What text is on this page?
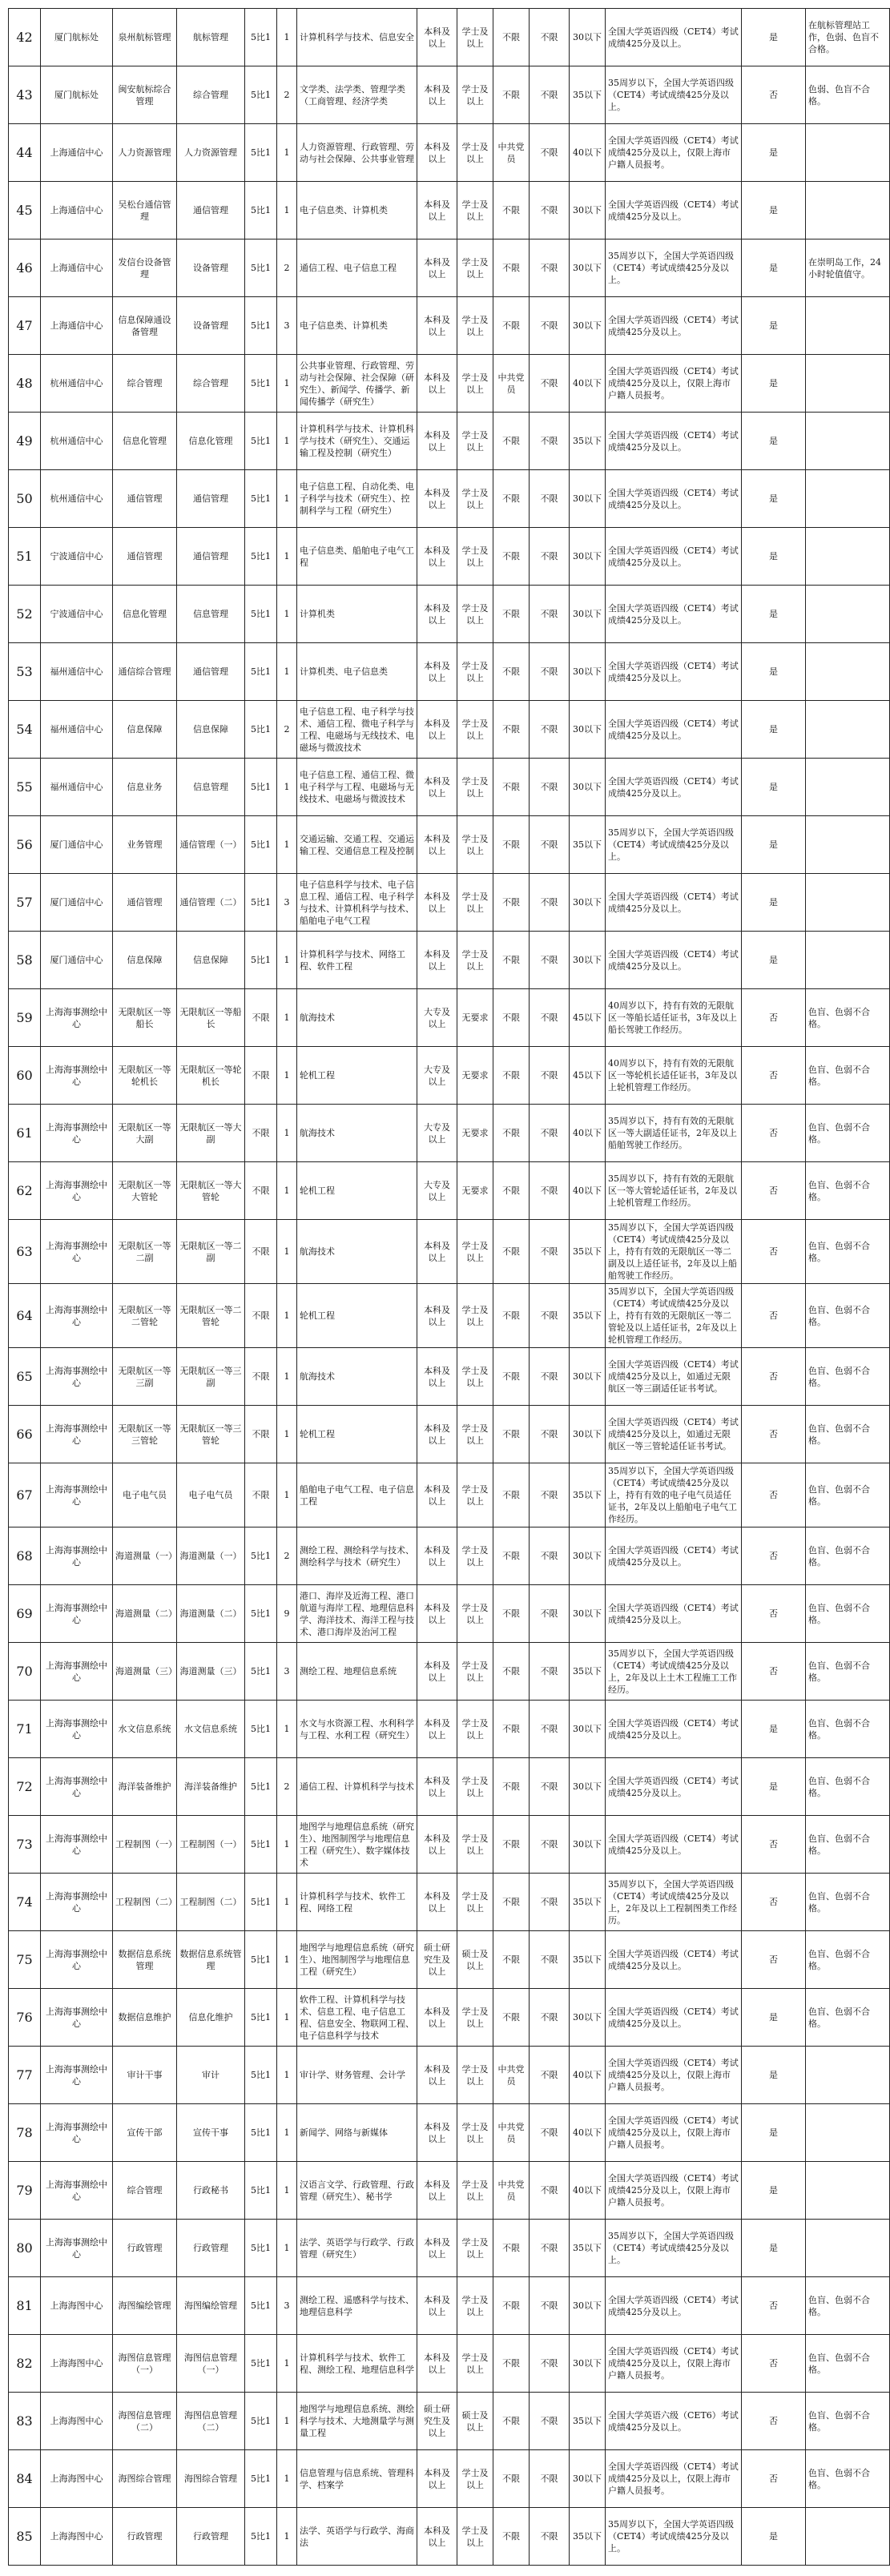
42	厦门航标处	泉州航标管理	航标管理	5比1	1	计算机科学与技术、信息安全	本科及以上	学士及以上	不限	不限	30以下	全国大学英语四级（CET4）考试成绩425分及以上。	是	在航标管理站工作，色弱、色盲不合格。
43	厦门航标处	闽安航标综合管理	综合管理	5比1	2	文学类、法学类、管理学类（工商管理、经济学类	本科及以上	学士及以上	不限	不限	35以下	35周岁以下，全国大学英语四级（CET4）考试成绩425分及以上。	否	色弱、色盲不合格。
44	上海通信中心	人力资源管理	人力资源管理	5比1	1	人力资源管理、行政管理、劳动与社会保障、公共事业管理	本科及以上	学士及以上	中共党员	不限	40以下	全国大学英语四级（CET4）考试成绩425分及以上，仅限上海市户籍人员报考。	是	
45	上海通信中心	吴松台通信管理	通信管理	5比1	1	电子信息类、计算机类	本科及以上	学士及以上	不限	不限	30以下	全国大学英语四级（CET4）考试成绩425分及以上。	是	
46	上海通信中心	发信台设备管理	设备管理	5比1	2	通信工程、电子信息工程	本科及以上	学士及以上	不限	不限	30以下	35周岁以下，全国大学英语四级（CET4）考试成绩425分及以上。	是	在崇明岛工作，24小时轮值值守。
47	上海通信中心	信息保障通设备管理	设备管理	5比1	3	电子信息类、计算机类	本科及以上	学士及以上	不限	不限	30以下	全国大学英语四级（CET4）考试成绩425分及以上。	是	
48	杭州通信中心	综合管理	综合管理	5比1	1	公共事业管理、行政管理、劳动与社会保障、社会保障（研究生）、新闻学、传播学、新闻传播学（研究生）	本科及以上	学士及以上	中共党员	不限	40以下	全国大学英语四级（CET4）考试成绩425分及以上，仅限上海市户籍人员报考。	是	
49	杭州通信中心	信息化管理	信息化管理	5比1	1	计算机科学与技术、计算机科学与技术（研究生）、交通运输工程及控制（研究生）	本科及以上	学士及以上	不限	不限	35以下	全国大学英语四级（CET4）考试成绩425分及以上。	是	
50	杭州通信中心	通信管理	通信管理	5比1	1	电子信息工程、自动化类、电子科学与技术（研究生）、控制科学与工程（研究生）	本科及以上	学士及以上	不限	不限	30以下	全国大学英语四级（CET4）考试成绩425分及以上。	是	
51	宁波通信中心	通信管理	通信管理	5比1	1	电子信息类、船舶电子电气工程	本科及以上	学士及以上	不限	不限	30以下	全国大学英语四级（CET4）考试成绩425分及以上。	是	
52	宁波通信中心	信息化管理	信息管理	5比1	1	计算机类	本科及以上	学士及以上	不限	不限	30以下	全国大学英语四级（CET4）考试成绩425分及以上。	是	
53	福州通信中心	通信综合管理	通信管理	5比1	1	计算机类、电子信息类	本科及以上	学士及以上	不限	不限	30以下	全国大学英语四级（CET4）考试成绩425分及以上。	是	
54	福州通信中心	信息保障	信息保障	5比1	2	电子信息工程、电子科学与技术、通信工程、微电子科学与工程、电磁场与无线技术、电磁场与微波技术	本科及以上	学士及以上	不限	不限	30以下	全国大学英语四级（CET4）考试成绩425分及以上。	是	
55	福州通信中心	信息业务	信息管理	5比1	1	电子信息工程、通信工程、微电子科学与工程、电磁场与无线技术、电磁场与微波技术	本科及以上	学士及以上	不限	不限	30以下	全国大学英语四级（CET4）考试成绩425分及以上。	是	
56	厦门通信中心	业务管理	通信管理（一）	5比1	1	交通运输、交通工程、交通运输工程、交通信息工程及控制	本科及以上	学士及以上	不限	不限	35以下	35周岁以下，全国大学英语四级（CET4）考试成绩425分及以上。	是	
57	厦门通信中心	通信管理	通信管理（二）	5比1	3	电子信息科学与技术、电子信息工程、通信工程、电子科学与技术、计算机科学与技术、船舶电子电气工程	本科及以上	学士及以上	不限	不限	30以下	全国大学英语四级（CET4）考试成绩425分及以上。	是	
58	厦门通信中心	信息保障	信息保障	5比1	1	计算机科学与技术、网络工程、软件工程	本科及以上	学士及以上	不限	不限	30以下	全国大学英语四级（CET4）考试成绩425分及以上。	是	
59	上海海事测绘中心	无限航区一等船长	无限航区一等船长	不限	1	航海技术	大专及以上	无要求	不限	不限	45以下	40周岁以下，持有有效的无限航区一等船长适任证书，3年及以上船长驾驶工作经历。	否	色盲、色弱不合格。
60	上海海事测绘中心	无限航区一等轮机长	无限航区一等轮机长	不限	1	轮机工程	大专及以上	无要求	不限	不限	45以下	40周岁以下，持有有效的无限航区一等轮机长适任证书，3年及以上轮机管理工作经历。	否	色盲、色弱不合格。
61	上海海事测绘中心	无限航区一等大副	无限航区一等大副	不限	1	航海技术	大专及以上	无要求	不限	不限	40以下	35周岁以下，持有有效的无限航区一等大副适任证书，2年及以上船舶驾驶工作经历。	否	色盲、色弱不合格。
62	上海海事测绘中心	无限航区一等大管轮	无限航区一等大管轮	不限	1	轮机工程	大专及以上	无要求	不限	不限	40以下	35周岁以下，持有有效的无限航区一等大管轮适任证书，2年及以上轮机管理工作经历。	否	色盲、色弱不合格。
63	上海海事测绘中心	无限航区一等二副	无限航区一等二副	不限	1	航海技术	本科及以上	学士及以上	不限	不限	35以下	35周岁以下，全国大学英语四级（CET4）考试成绩425分及以上，持有有效的无限航区一等二副及以上适任证书，2年及以上船舶驾驶工作经历。	否	色盲、色弱不合格。
64	上海海事测绘中心	无限航区一等二管轮	无限航区一等二管轮	不限	1	轮机工程	本科及以上	学士及以上	不限	不限	35以下	35周岁以下，全国大学英语四级（CET4）考试成绩425分及以上，持有有效的无限航区一等二管轮及以上适任证书，2年及以上轮机管理工作经历。	否	色盲、色弱不合格。
65	上海海事测绘中心	无限航区一等三副	无限航区一等三副	不限	1	航海技术	本科及以上	学士及以上	不限	不限	30以下	全国大学英语四级（CET4）考试成绩425分及以上，如通过无限航区一等三副适任证书考试。	否	色盲、色弱不合格。
66	上海海事测绘中心	无限航区一等三管轮	无限航区一等三管轮	不限	1	轮机工程	本科及以上	学士及以上	不限	不限	30以下	全国大学英语四级（CET4）考试成绩425分及以上，如通过无限航区一等三管轮适任证书考试。	否	色盲、色弱不合格。
67	上海海事测绘中心	电子电气员	电子电气员	不限	1	船舶电子电气工程、电子信息工程	本科及以上	学士及以上	不限	不限	35以下	35周岁以下，全国大学英语四级（CET4）考试成绩425分及以上，持有有效的电子电气员适任证书，2年及以上船舶电子电气工作经历。	否	色盲、色弱不合格。
68	上海海事测绘中心	海道测量（一）	海道测量（一）	5比1	2	测绘工程、测绘科学与技术、测绘科学与技术（研究生）	本科及以上	学士及以上	不限	不限	30以下	全国大学英语四级（CET4）考试成绩425分及以上。	否	色盲、色弱不合格。
69	上海海事测绘中心	海道测量（二）	海道测量（二）	5比1	9	港口、海岸及近海工程、港口航道与海岸工程、地理信息科学、海洋技术、海洋工程与技术、港口海岸及治河工程	本科及以上	学士及以上	不限	不限	30以下	全国大学英语四级（CET4）考试成绩425分及以上。	否	色盲、色弱不合格。
70	上海海事测绘中心	海道测量（三）	海道测量（三）	5比1	3	测绘工程、地理信息系统	本科及以上	学士及以上	不限	不限	35以下	35周岁以下，全国大学英语四级（CET4）考试成绩425分及以上，2年及以上土木工程施工工作经历。	否	色盲、色弱不合格。
71	上海海事测绘中心	水文信息系统	水文信息系统	5比1	1	水文与水资源工程、水利科学与工程、水利工程（研究生）	本科及以上	学士及以上	不限	不限	30以下	全国大学英语四级（CET4）考试成绩425分及以上。	是	色盲、色弱不合格。
72	上海海事测绘中心	海洋装备维护	海洋装备维护	5比1	2	通信工程、计算机科学与技术	本科及以上	学士及以上	不限	不限	30以下	全国大学英语四级（CET4）考试成绩425分及以上。	是	色盲、色弱不合格。
73	上海海事测绘中心	工程制图（一）	工程制图（一）	5比1	1	地图学与地理信息系统（研究生）、地图制图学与地理信息工程（研究生）、数字媒体技术	本科及以上	学士及以上	不限	不限	30以下	全国大学英语四级（CET4）考试成绩425分及以上。	否	色盲、色弱不合格。
74	上海海事测绘中心	工程制图（二）	工程制图（二）	5比1	1	计算机科学与技术、软件工程、网络工程	本科及以上	学士及以上	不限	不限	35以下	35周岁以下，全国大学英语四级（CET4）考试成绩425分及以上，2年及以上工程制图类工作经历。	否	色盲、色弱不合格。
75	上海海事测绘中心	数据信息系统管理	数据信息系统管理	5比1	1	地图学与地理信息系统（研究生）、地图制图学与地理信息工程（研究生）	硕士研究生及以上	硕士及以上	不限	不限	35以下	全国大学英语四级（CET4）考试成绩425分及以上。	否	色盲、色弱不合格。
76	上海海事测绘中心	数据信息维护	信息化维护	5比1	1	软件工程、计算机科学与技术、信息工程、电子信息工程、信息安全、物联网工程、电子信息科学与技术	本科及以上	学士及以上	不限	不限	30以下	全国大学英语四级（CET4）考试成绩425分及以上。	是	色盲、色弱不合格。
77	上海海事测绘中心	审计干事	审计	5比1	1	审计学、财务管理、会计学	本科及以上	学士及以上	中共党员	不限	40以下	全国大学英语四级（CET4）考试成绩425分及以上，仅限上海市户籍人员报考。	是	
78	上海海事测绘中心	宣传干部	宣传干事	5比1	1	新闻学、网络与新媒体	本科及以上	学士及以上	中共党员	不限	40以下	全国大学英语四级（CET4）考试成绩425分及以上，仅限上海市户籍人员报考。	是	
79	上海海事测绘中心	综合管理	行政秘书	5比1	1	汉语言文学、行政管理、行政管理（研究生）、秘书学	本科及以上	学士及以上	中共党员	不限	40以下	全国大学英语四级（CET4）考试成绩425分及以上，仅限上海市户籍人员报考。	是	
80	上海海事测绘中心	行政管理	行政管理	5比1	1	法学、英语学与行政学、行政管理（研究生）	本科及以上	学士及以上	不限	不限	35以下	35周岁以下，全国大学英语四级（CET4）考试成绩425分及以上。	是	
81	上海海图中心	海图编绘管理	海图编绘管理	5比1	3	测绘工程、遥感科学与技术、地理信息科学	本科及以上	学士及以上	不限	不限	30以下	全国大学英语四级（CET4）考试成绩425分及以上。	否	色盲、色弱不合格。
82	上海海图中心	海图信息管理（一）	海图信息管理（一）	5比1	1	计算机科学与技术、软件工程、测绘工程、地理信息科学	本科及以上	学士及以上	不限	不限	30以下	全国大学英语四级（CET4）考试成绩425分及以上，仅限上海市户籍人员报考。	否	色盲、色弱不合格。
83	上海海图中心	海图信息管理（二）	海图信息管理（二）	5比1	1	地图学与地理信息系统、测绘科学与技术、大地测量学与测量工程	硕士研究生及以上	硕士及以上	不限	不限	35以下	全国大学英语六级（CET6）考试成绩425分及以上。	否	色盲、色弱不合格。
84	上海海图中心	海图综合管理	海图综合管理	5比1	1	信息管理与信息系统、管理科学、档案学	本科及以上	学士及以上	不限	不限	30以下	全国大学英语四级（CET4）考试成绩425分及以上，仅限上海市户籍人员报考。	否	色盲、色弱不合格。
85	上海海图中心	行政管理	行政管理	5比1	1	法学、英语学与行政学、海商法	本科及以上	学士及以上	不限	不限	35以下	35周岁以下，全国大学英语四级（CET4）考试成绩425分及以上。	是	
